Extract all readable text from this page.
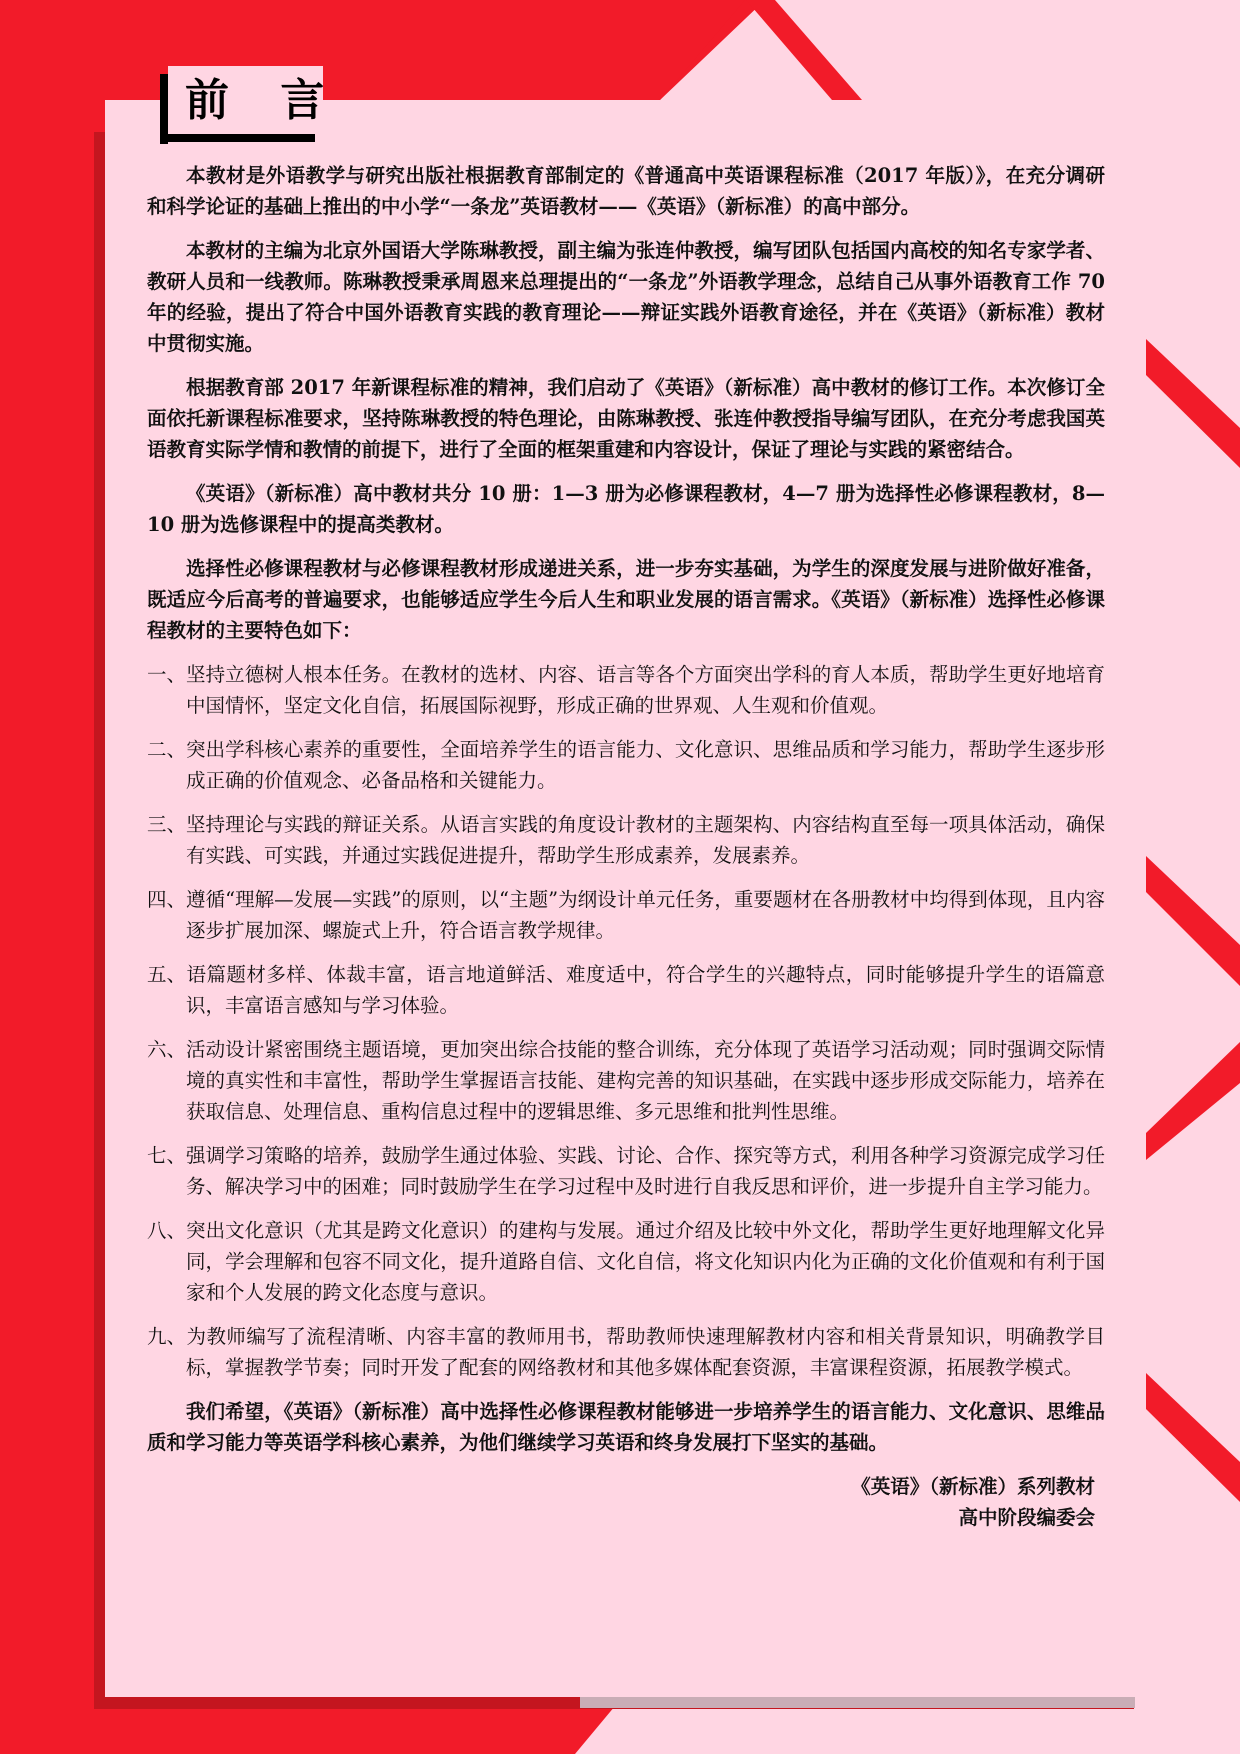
前 言

本教材是外语教学与研究出版社根据教育部制定的《普通高中英语课程标准（2017 年版）》，在充分调研和科学论证的基础上推出的中小学“一条龙”英语教材——《英语》（新标准）的高中部分。

本教材的主编为北京外国语大学陈琳教授，副主编为张连仲教授，编写团队包括国内高校的知名专家学者、教研人员和一线教师。陈琳教授秉承周恩来总理提出的“一条龙”外语教学理念，总结自己从事外语教育工作 70 年的经验，提出了符合中国外语教育实践的教育理论——辩证实践外语教育途径，并在《英语》（新标准）教材中贯彻实施。

根据教育部 2017 年新课程标准的精神，我们启动了《英语》（新标准）高中教材的修订工作。本次修订全面依托新课程标准要求，坚持陈琳教授的特色理论，由陈琳教授、张连仲教授指导编写团队，在充分考虑我国英语教育实际学情和教情的前提下，进行了全面的框架重建和内容设计，保证了理论与实践的紧密结合。

《英语》（新标准）高中教材共分 10 册：1—3 册为必修课程教材，4—7 册为选择性必修课程教材，8—10 册为选修课程中的提高类教材。

选择性必修课程教材与必修课程教材形成递进关系，进一步夯实基础，为学生的深度发展与进阶做好准备，既适应今后高考的普遍要求，也能够适应学生今后人生和职业发展的语言需求。《英语》（新标准）选择性必修课程教材的主要特色如下：

一、坚持立德树人根本任务。在教材的选材、内容、语言等各个方面突出学科的育人本质，帮助学生更好地培育中国情怀，坚定文化自信，拓展国际视野，形成正确的世界观、人生观和价值观。

二、突出学科核心素养的重要性，全面培养学生的语言能力、文化意识、思维品质和学习能力，帮助学生逐步形成正确的价值观念、必备品格和关键能力。

三、坚持理论与实践的辩证关系。从语言实践的角度设计教材的主题架构、内容结构直至每一项具体活动，确保有实践、可实践，并通过实践促进提升，帮助学生形成素养，发展素养。

四、遵循“理解—发展—实践”的原则，以“主题”为纲设计单元任务，重要题材在各册教材中均得到体现，且内容逐步扩展加深、螺旋式上升，符合语言教学规律。

五、语篇题材多样、体裁丰富，语言地道鲜活、难度适中，符合学生的兴趣特点，同时能够提升学生的语篇意识，丰富语言感知与学习体验。

六、活动设计紧密围绕主题语境，更加突出综合技能的整合训练，充分体现了英语学习活动观；同时强调交际情境的真实性和丰富性，帮助学生掌握语言技能、建构完善的知识基础，在实践中逐步形成交际能力，培养在获取信息、处理信息、重构信息过程中的逻辑思维、多元思维和批判性思维。

七、强调学习策略的培养，鼓励学生通过体验、实践、讨论、合作、探究等方式，利用各种学习资源完成学习任务、解决学习中的困难；同时鼓励学生在学习过程中及时进行自我反思和评价，进一步提升自主学习能力。

八、突出文化意识（尤其是跨文化意识）的建构与发展。通过介绍及比较中外文化，帮助学生更好地理解文化异同，学会理解和包容不同文化，提升道路自信、文化自信，将文化知识内化为正确的文化价值观和有利于国家和个人发展的跨文化态度与意识。

九、为教师编写了流程清晰、内容丰富的教师用书，帮助教师快速理解教材内容和相关背景知识，明确教学目标，掌握教学节奏；同时开发了配套的网络教材和其他多媒体配套资源，丰富课程资源，拓展教学模式。

我们希望，《英语》（新标准）高中选择性必修课程教材能够进一步培养学生的语言能力、文化意识、思维品质和学习能力等英语学科核心素养，为他们继续学习英语和终身发展打下坚实的基础。

《英语》（新标准）系列教材
高中阶段编委会
